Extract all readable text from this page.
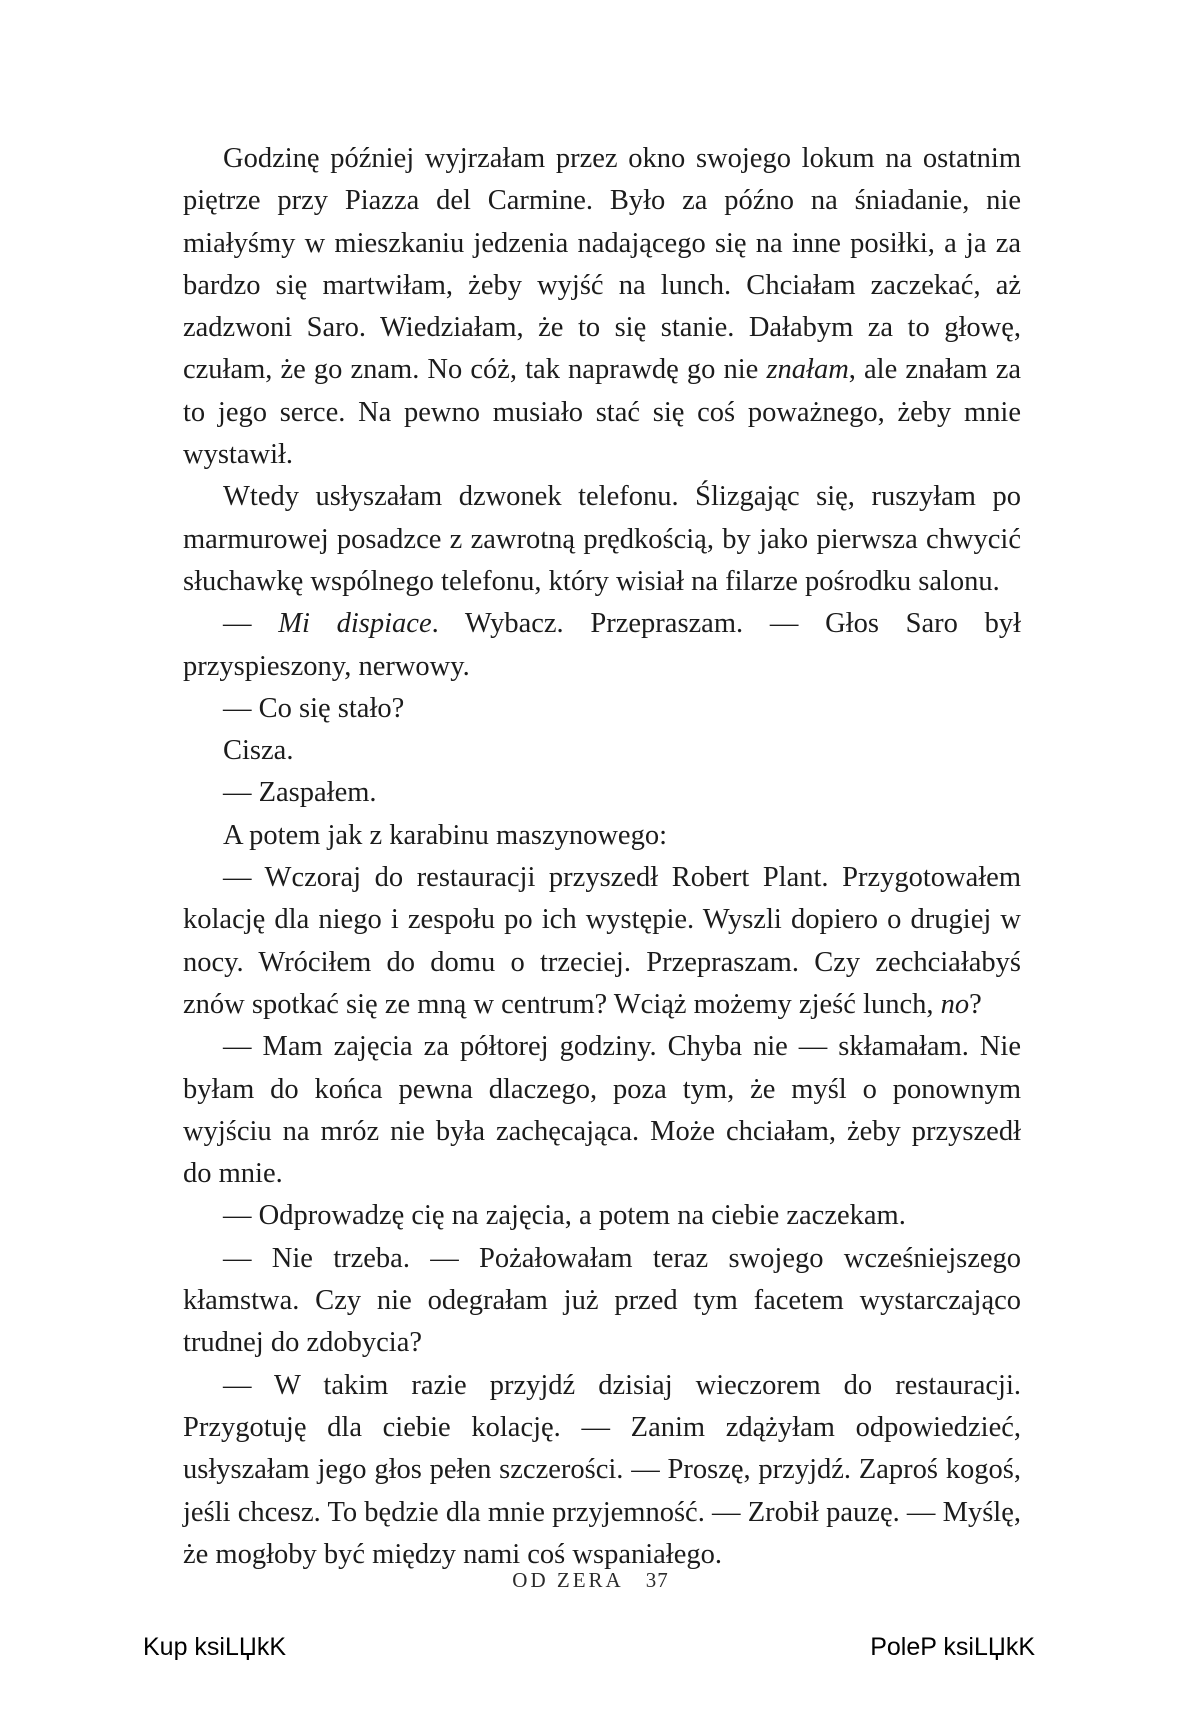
Godzinę później wyjrzałam przez okno swojego lokum na ostatnim piętrze przy Piazza del Carmine. Było za późno na śniadanie, nie miałyśmy w mieszkaniu jedzenia nadającego się na inne posiłki, a ja za bardzo się martwiłam, żeby wyjść na lunch. Chciałam zaczekać, aż zadzwoni Saro. Wiedziałam, że to się stanie. Dałabym za to głowę, czułam, że go znam. No cóż, tak naprawdę go nie znałam, ale znałam za to jego serce. Na pewno musiało stać się coś poważnego, żeby mnie wystawił.

Wtedy usłyszałam dzwonek telefonu. Ślizgając się, ruszyłam po marmurowej posadzce z zawrotną prędkością, by jako pierwsza chwycić słuchawkę wspólnego telefonu, który wisiał na filarze pośrodku salonu.

— Mi dispiace. Wybacz. Przepraszam. — Głos Saro był przyspieszony, nerwowy.

— Co się stało?

Cisza.

— Zaspałem.

A potem jak z karabinu maszynowego:

— Wczoraj do restauracji przyszedł Robert Plant. Przygotowałem kolację dla niego i zespołu po ich występie. Wyszli dopiero o drugiej w nocy. Wróciłem do domu o trzeciej. Przepraszam. Czy zechciałabyś znów spotkać się ze mną w centrum? Wciąż możemy zjeść lunch, no?

— Mam zajęcia za półtorej godziny. Chyba nie — skłamałam. Nie byłam do końca pewna dlaczego, poza tym, że myśl o ponownym wyjściu na mróz nie była zachęcająca. Może chciałam, żeby przyszedł do mnie.

— Odprowadzę cię na zajęcia, a potem na ciebie zaczekam.

— Nie trzeba. — Pożałowałam teraz swojego wcześniejszego kłamstwa. Czy nie odegrałam już przed tym facetem wystarczająco trudnej do zdobycia?

— W takim razie przyjdź dzisiaj wieczorem do restauracji. Przygotuję dla ciebie kolację. — Zanim zdążyłam odpowiedzieć, usłyszałam jego głos pełen szczerości. — Proszę, przyjdź. Zaproś kogoś, jeśli chcesz. To będzie dla mnie przyjemność. — Zrobił pauzę. — Myślę, że mogłoby być między nami coś wspaniałego.

OD ZERA 37
Kup ksiLЏkK	PoleP ksiLЏkK
